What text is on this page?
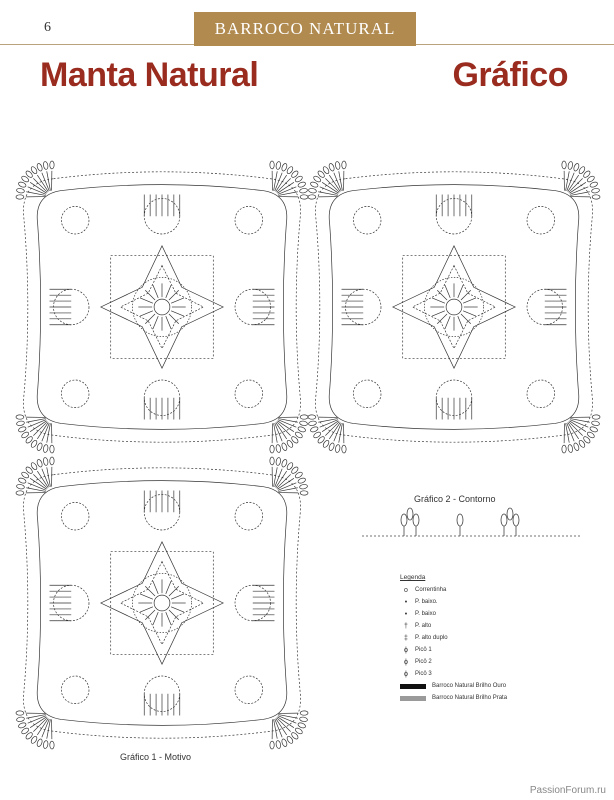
6	BARROCO NATURAL
Manta Natural	Gráfico
Gráfico 1 - Motivo
Gráfico 2 - Contorno
Legenda
o	Correntinha
•	P. baixo.
•	P. baixo
†	P. alto
‡	P. alto duplo
ϕ	Picô 1
ϕ	Picô 2
ϕ	Picô 3
Barroco Natural Brilho Ouro
Barroco Natural Brilho Prata
PassionForum.ru
